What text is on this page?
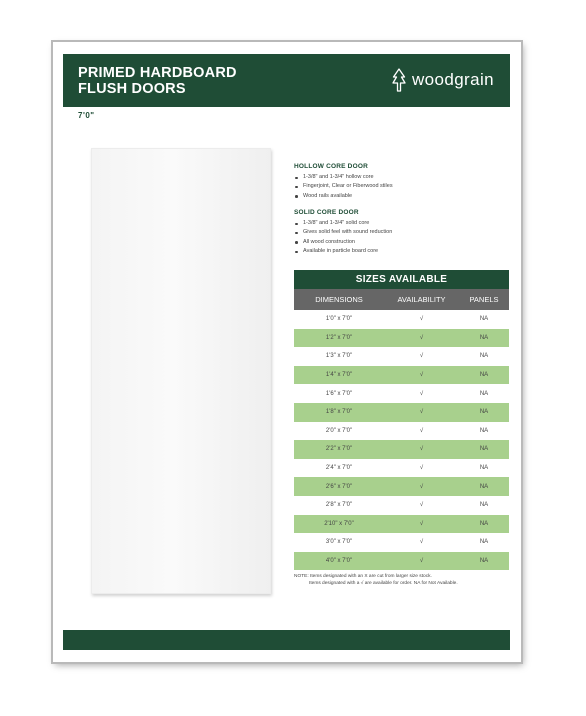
PRIMED HARDBOARD
FLUSH DOORS	woodgrain
7'0"
HOLLOW CORE DOOR
1-3/8" and 1-3/4" hollow core
Fingerjoint, Clear or Fiberwood stiles
Wood rails available
SOLID CORE DOOR
1-3/8" and 1-3/4" solid core
Gives solid feel with sound reduction
All wood construction
Available in particle board core
SIZES AVAILABLE
DIMENSIONS	AVAILABILITY	PANELS
1'0" x 7'0"	√	NA
1'2" x 7'0"	√	NA
1'3" x 7'0"	√	NA
1'4" x 7'0"	√	NA
1'6" x 7'0"	√	NA
1'8" x 7'0"	√	NA
2'0" x 7'0"	√	NA
2'2" x 7'0"	√	NA
2'4" x 7'0"	√	NA
2'6" x 7'0"	√	NA
2'8" x 7'0"	√	NA
2'10" x 7'0"	√	NA
3'0" x 7'0"	√	NA
4'0" x 7'0"	√	NA
NOTE: Items designated with an X are cut from larger size stock.
Items designated with a √ are available for order. NA for Not Available.
